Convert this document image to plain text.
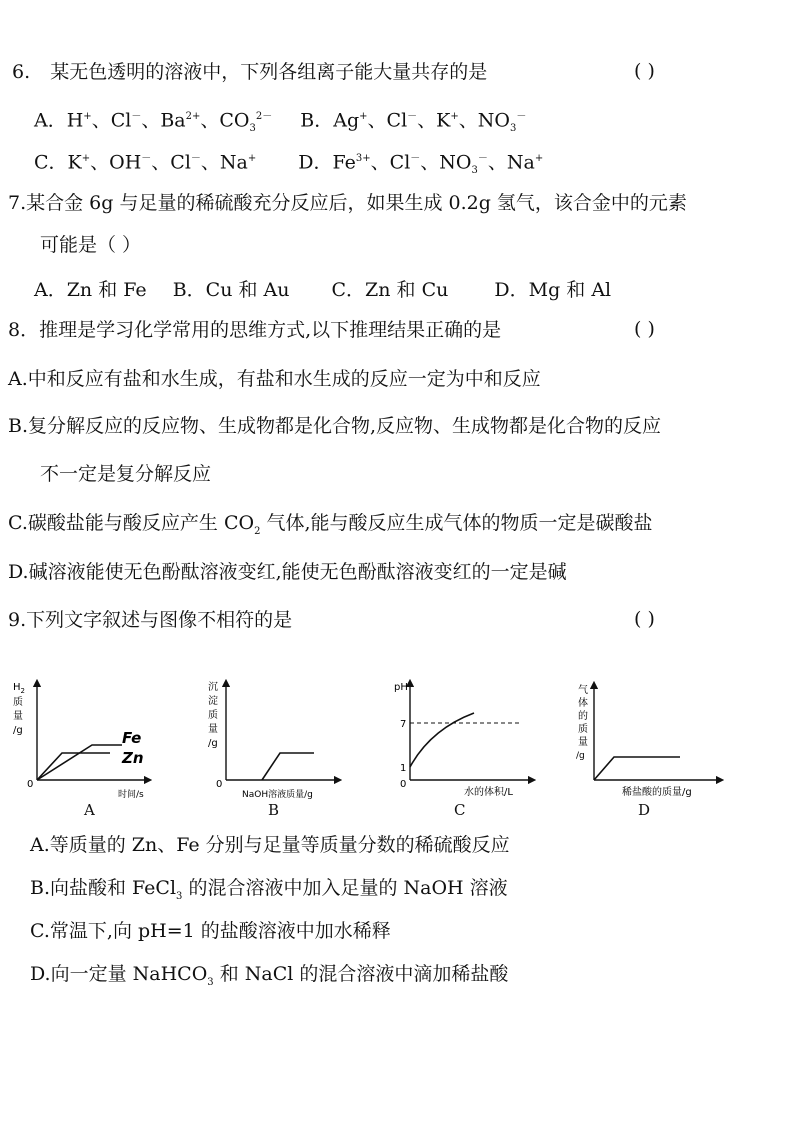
6. 某无色透明的溶液中，下列各组离子能大量共存的是	( )
A．H+、Cl－、$Ba^{2+}$、$CO_3^{2-}$ B．Ag+、Cl－、K+、$NO_3^-$
C．K+、OH－、Cl－、Na+ D．$Fe^{3+}$、Cl－、$NO_3^-$、Na+
7.某合金 6g 与足量的稀硫酸充分反应后，如果生成 0.2g 氢气，该合金中的元素
可能是（ ）
A．Zn 和 Fe B．Cu 和 Au C．Zn 和 Cu D．Mg 和 Al
8．推理是学习化学常用的思维方式,以下推理结果正确的是	( )
A.中和反应有盐和水生成，有盐和水生成的反应一定为中和反应
B.复分解反应的反应物、生成物都是化合物,反应物、生成物都是化合物的反应
不一定是复分解反应
C.碳酸盐能与酸反应产生 $CO_2$ 气体,能与酸反应生成气体的物质一定是碳酸盐
D.碱溶液能使无色酚酞溶液变红,能使无色酚酞溶液变红的一定是碱
9.下列文字叙述与图像不相符的是	( )
$H_2$
质
量
/g
0
时间/s
Fe
Zn
A
沉
淀
质
量
/g
0
NaOH溶液质量/g
B
pH
7
1
0
水的体积/L
C
气
体
的
质
量
/g
稀盐酸的质量/g
D
A.等质量的 Zn、Fe 分别与足量等质量分数的稀硫酸反应
B.向盐酸和 FeCl$_3$ 的混合溶液中加入足量的 NaOH 溶液
C.常温下,向 pH=1 的盐酸溶液中加水稀释
D.向一定量 NaHCO$_3$ 和 NaCl 的混合溶液中滴加稀盐酸
